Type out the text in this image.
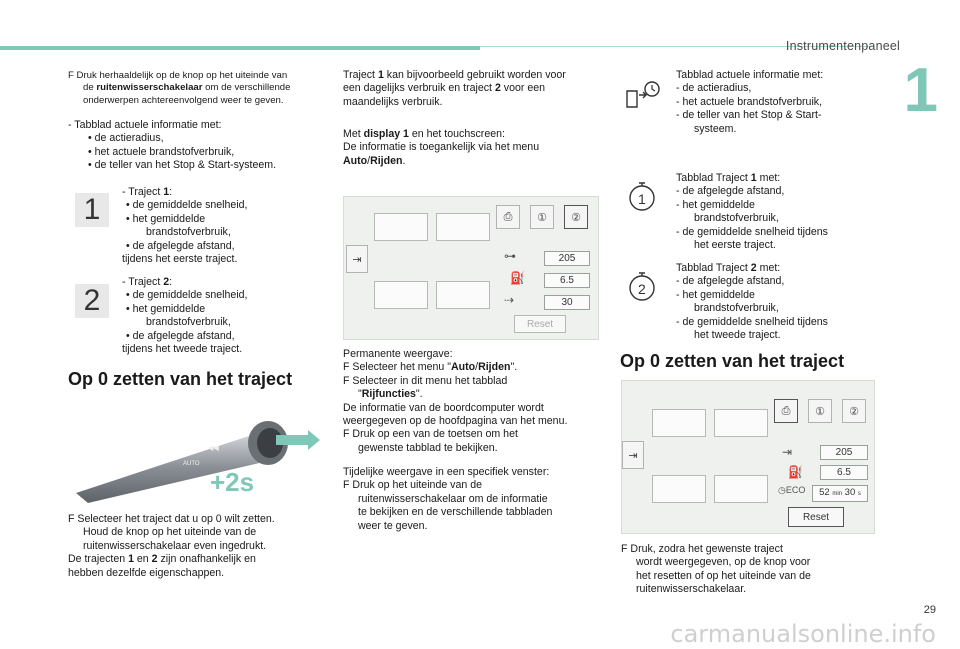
Instrumentenpaneel
1
F Druk herhaaldelijk op de knop op het uiteinde van
de ruitenwisserschakelaar om de verschillende
onderwerpen achtereenvolgend weer te geven.
- Tabblad actuele informatie met:
• de actieradius,
• het actuele brandstofverbruik,
• de teller van het Stop & Start-systeem.
1
- Traject 1:
• de gemiddelde snelheid,
• het gemiddelde
brandstofverbruik,
• de afgelegde afstand,
tijdens het eerste traject.
2
- Traject 2:
• de gemiddelde snelheid,
• het gemiddelde
brandstofverbruik,
• de afgelegde afstand,
tijdens het tweede traject.
Op 0 zetten van het traject
AUTO
◀◀
+2s
F Selecteer het traject dat u op 0 wilt zetten.
Houd de knop op het uiteinde van de
ruitenwisserschakelaar even ingedrukt.
De trajecten 1 en 2 zijn onafhankelijk en
hebben dezelfde eigenschappen.
Traject 1 kan bijvoorbeeld gebruikt worden voor
een dagelijks verbruik en traject 2 voor een
maandelijks verbruik.
Met display 1 en het touchscreen:
De informatie is toegankelijk via het menu
Auto/Rijden.
⇥
⎙	①	②
⊶
⛽
⇢
205
6.5
30
Reset
Permanente weergave:
F Selecteer het menu "Auto/Rijden".
F Selecteer in dit menu het tabblad
"Rijfuncties".
De informatie van de boordcomputer wordt
weergegeven op de hoofdpagina van het menu.
F Druk op een van de toetsen om het
gewenste tabblad te bekijken.
Tijdelijke weergave in een specifiek venster:
F Druk op het uiteinde van de
ruitenwisserschakelaar om de informatie
te bekijken en de verschillende tabbladen
weer te geven.
Tabblad actuele informatie met:
- de actieradius,
- het actuele brandstofverbruik,
- de teller van het Stop & Start-
systeem.
1
Tabblad Traject 1 met:
- de afgelegde afstand,
- het gemiddelde
brandstofverbruik,
- de gemiddelde snelheid tijdens
het eerste traject.
2
Tabblad Traject 2 met:
- de afgelegde afstand,
- het gemiddelde
brandstofverbruik,
- de gemiddelde snelheid tijdens
het tweede traject.
Op 0 zetten van het traject
⇥
⎙	①	②
⇥
⛽
◷ECO
205
6.5
52 min 30 s
Reset
F Druk, zodra het gewenste traject
wordt weergegeven, op de knop voor
het resetten of op het uiteinde van de
ruitenwisserschakelaar.
29
carmanualsonline.info
